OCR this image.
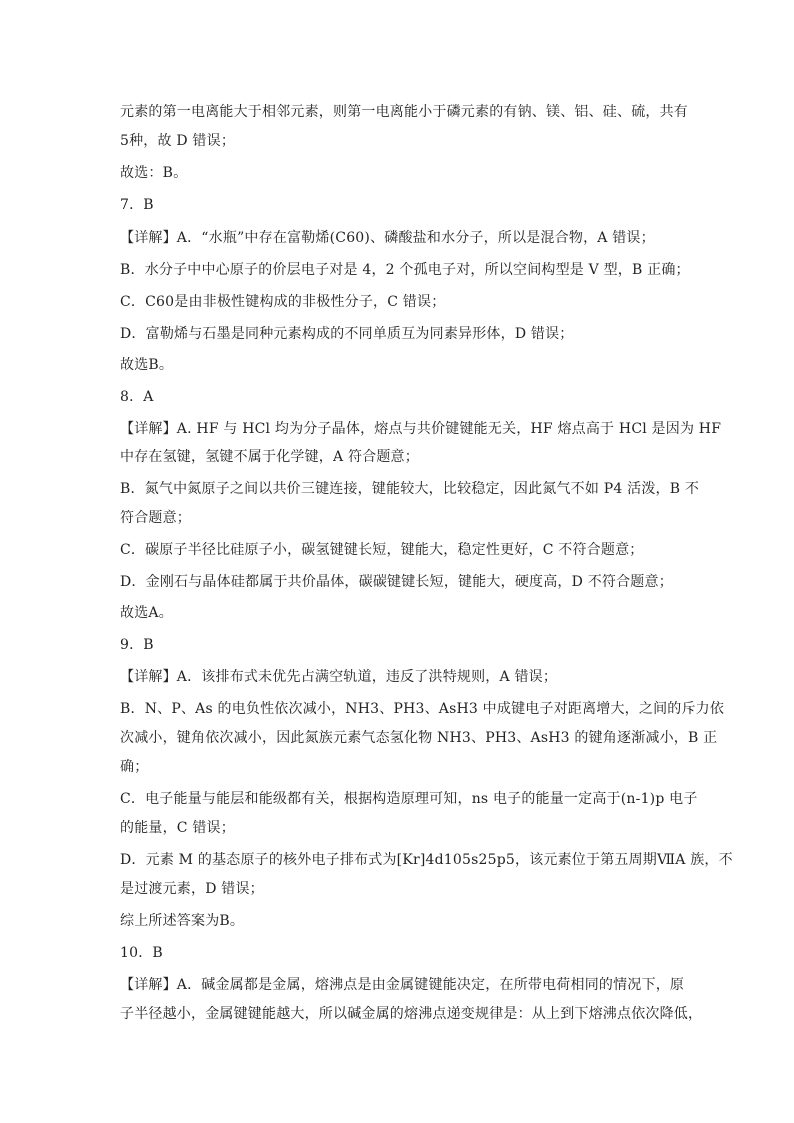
元素的第一电离能大于相邻元素，则第一电离能小于磷元素的有钠、镁、铝、硅、硫，共有
5种，故 D 错误；
故选：B。
7．B
【详解】A．“水瓶”中存在富勒烯(C60)、磷酸盐和水分子，所以是混合物，A 错误；
B．水分子中中心原子的价层电子对是 4，2 个孤电子对，所以空间构型是 V 型，B 正确；
C．C60是由非极性键构成的非极性分子，C 错误；
D．富勒烯与石墨是同种元素构成的不同单质互为同素异形体，D 错误；
故选B。
8．A
【详解】A. HF 与 HCl 均为分子晶体，熔点与共价键键能无关，HF 熔点高于 HCl 是因为 HF
中存在氢键，氢键不属于化学键，A 符合题意；
B．氮气中氮原子之间以共价三键连接，键能较大，比较稳定，因此氮气不如 P4 活泼，B 不
符合题意；
C．碳原子半径比硅原子小，碳氢键键长短，键能大，稳定性更好，C 不符合题意；
D．金刚石与晶体硅都属于共价晶体，碳碳键键长短，键能大，硬度高，D 不符合题意；
故选A。
9．B
【详解】A．该排布式未优先占满空轨道，违反了洪特规则，A 错误；
B．N、P、As 的电负性依次减小，NH3、PH3、AsH3 中成键电子对距离增大，之间的斥力依
次减小，键角依次减小，因此氮族元素气态氢化物 NH3、PH3、AsH3 的键角逐渐减小，B 正
确；
C．电子能量与能层和能级都有关，根据构造原理可知，ns 电子的能量一定高于(n-1)p 电子
的能量，C 错误；
D．元素 M 的基态原子的核外电子排布式为[Kr]4d105s25p5，该元素位于第五周期ⅦA 族，不
是过渡元素，D 错误；
综上所述答案为B。
10．B
【详解】A．碱金属都是金属，熔沸点是由金属键键能决定，在所带电荷相同的情况下，原
子半径越小，金属键键能越大，所以碱金属的熔沸点递变规律是：从上到下熔沸点依次降低，
